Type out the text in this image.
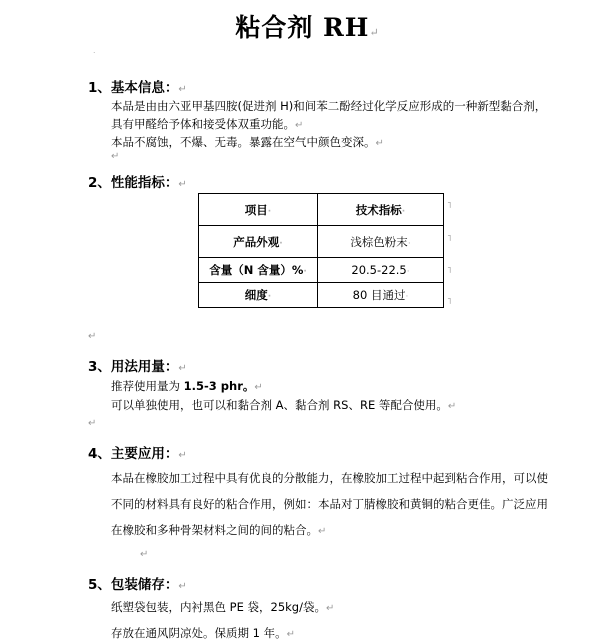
粘合剂 RH↵
˙
1、基本信息：↵
本品是由由六亚甲基四胺(促进剂 H)和间苯二酚经过化学反应形成的一种新型黏合剂，
具有甲醛给予体和接受体双重功能。↵
本品不腐蚀，不爆、无毒。暴露在空气中颜色变深。↵
↵
2、性能指标：↵
项目·	技术指标·
产品外观·	浅棕色粉末·
含量（N 含量）%·	20.5-22.5·
细度·	80 目通过·
˥
˥
˥
˥
↵
3、用法用量：↵
推荐使用量为 1.5-3 phr。↵
可以单独使用，也可以和黏合剂 A、黏合剂 RS、RE 等配合使用。↵
↵
4、主要应用：↵
本品在橡胶加工过程中具有优良的分散能力，在橡胶加工过程中起到粘合作用，可以使
不同的材料具有良好的粘合作用，例如：本品对丁腈橡胶和黄铜的粘合更佳。广泛应用
在橡胶和多种骨架材料之间的间的粘合。↵
↵
5、包装储存：↵
纸塑袋包装，内衬黑色 PE 袋，25kg/袋。↵
存放在通风阴凉处。保质期 1 年。↵
